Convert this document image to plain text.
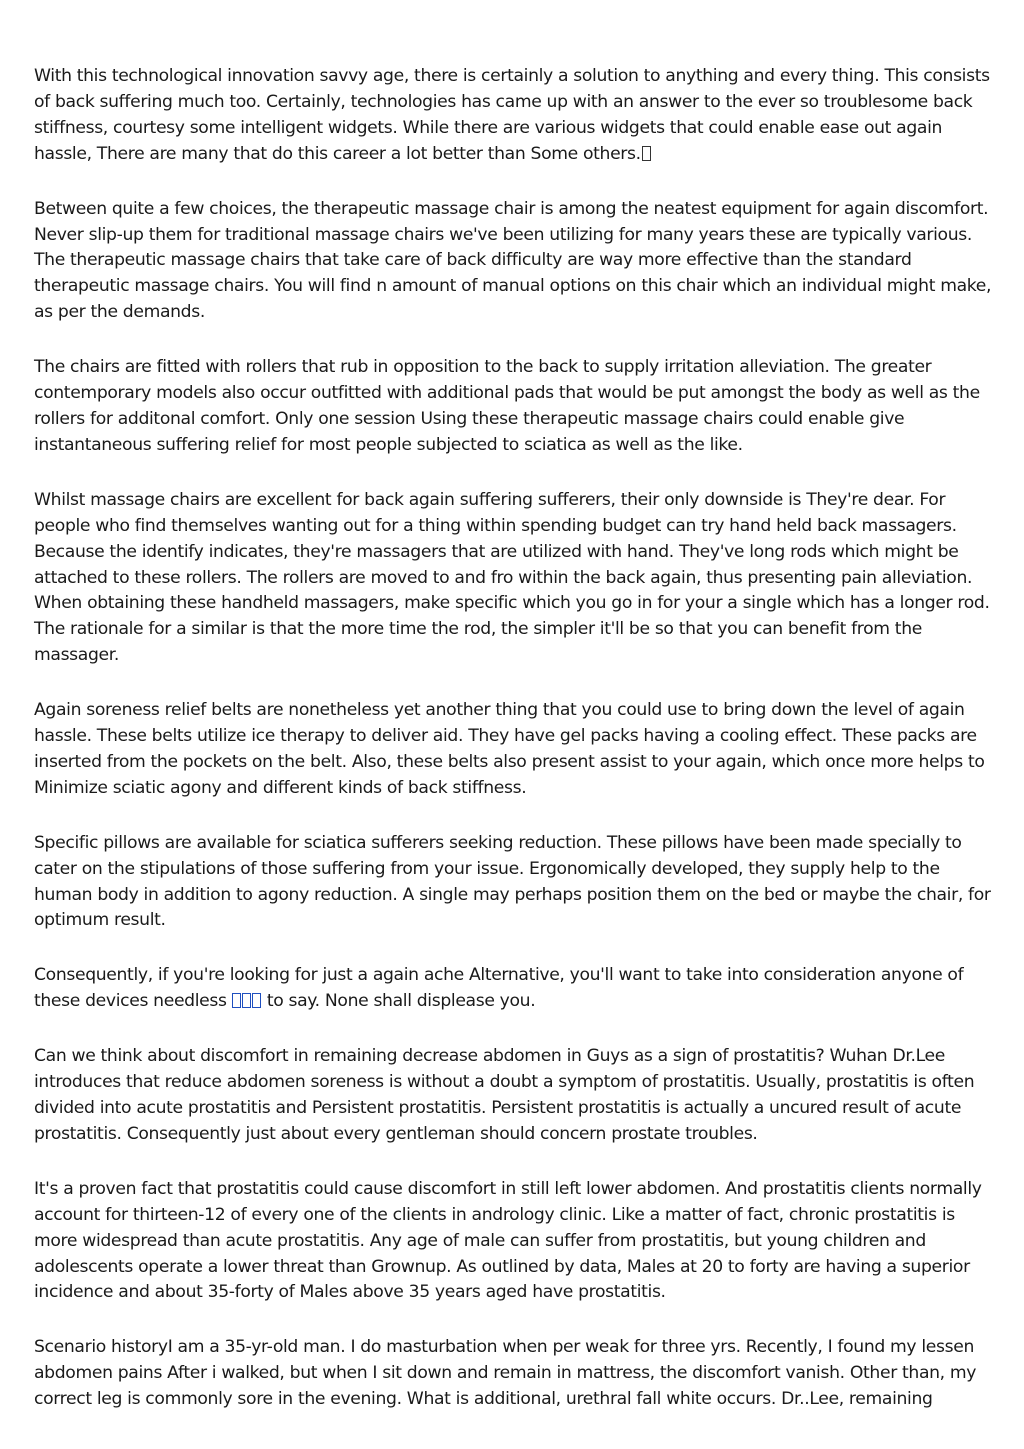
With this technological innovation savvy age, there is certainly a solution to anything and every thing. This consists of back suffering much too. Certainly, technologies has came up with an answer to the ever so troublesome back stiffness, courtesy some intelligent widgets. While there are various widgets that could enable ease out again hassle, There are many that do this career a lot better than Some others.

Between quite a few choices, the therapeutic massage chair is among the neatest equipment for again discomfort. Never slip-up them for traditional massage chairs we've been utilizing for many years these are typically various. The therapeutic massage chairs that take care of back difficulty are way more effective than the standard therapeutic massage chairs. You will find n amount of manual options on this chair which an individual might make, as per the demands.

The chairs are fitted with rollers that rub in opposition to the back to supply irritation alleviation. The greater contemporary models also occur outfitted with additional pads that would be put amongst the body as well as the rollers for additonal comfort. Only one session Using these therapeutic massage chairs could enable give instantaneous suffering relief for most people subjected to sciatica as well as the like.

Whilst massage chairs are excellent for back again suffering sufferers, their only downside is They're dear. For people who find themselves wanting out for a thing within spending budget can try hand held back massagers. Because the identify indicates, they're massagers that are utilized with hand. They've long rods which might be attached to these rollers. The rollers are moved to and fro within the back again, thus presenting pain alleviation. When obtaining these handheld massagers, make specific which you go in for your a single which has a longer rod. The rationale for a similar is that the more time the rod, the simpler it'll be so that you can benefit from the massager.

Again soreness relief belts are nonetheless yet another thing that you could use to bring down the level of again hassle. These belts utilize ice therapy to deliver aid. They have gel packs having a cooling effect. These packs are inserted from the pockets on the belt. Also, these belts also present assist to your again, which once more helps to Minimize sciatic agony and different kinds of back stiffness.

Specific pillows are available for sciatica sufferers seeking reduction. These pillows have been made specially to cater on the stipulations of those suffering from your issue. Ergonomically developed, they supply help to the human body in addition to agony reduction. A single may perhaps position them on the bed or maybe the chair, for optimum result.

Consequently, if you're looking for just a again ache Alternative, you'll want to take into consideration anyone of these devices needless to say. None shall displease you.

Can we think about discomfort in remaining decrease abdomen in Guys as a sign of prostatitis? Wuhan Dr.Lee introduces that reduce abdomen soreness is without a doubt a symptom of prostatitis. Usually, prostatitis is often divided into acute prostatitis and Persistent prostatitis. Persistent prostatitis is actually a uncured result of acute prostatitis. Consequently just about every gentleman should concern prostate troubles.

It's a proven fact that prostatitis could cause discomfort in still left lower abdomen. And prostatitis clients normally account for thirteen-12 of every one of the clients in andrology clinic. Like a matter of fact, chronic prostatitis is more widespread than acute prostatitis. Any age of male can suffer from prostatitis, but young children and adolescents operate a lower threat than Grownup. As outlined by data, Males at 20 to forty are having a superior incidence and about 35-forty of Males above 35 years aged have prostatitis.

Scenario historyI am a 35-yr-old man. I do masturbation when per weak for three yrs. Recently, I found my lessen abdomen pains After i walked, but when I sit down and remain in mattress, the discomfort vanish. Other than, my correct leg is commonly sore in the evening. What is additional, urethral fall white occurs. Dr..Lee, remaining
